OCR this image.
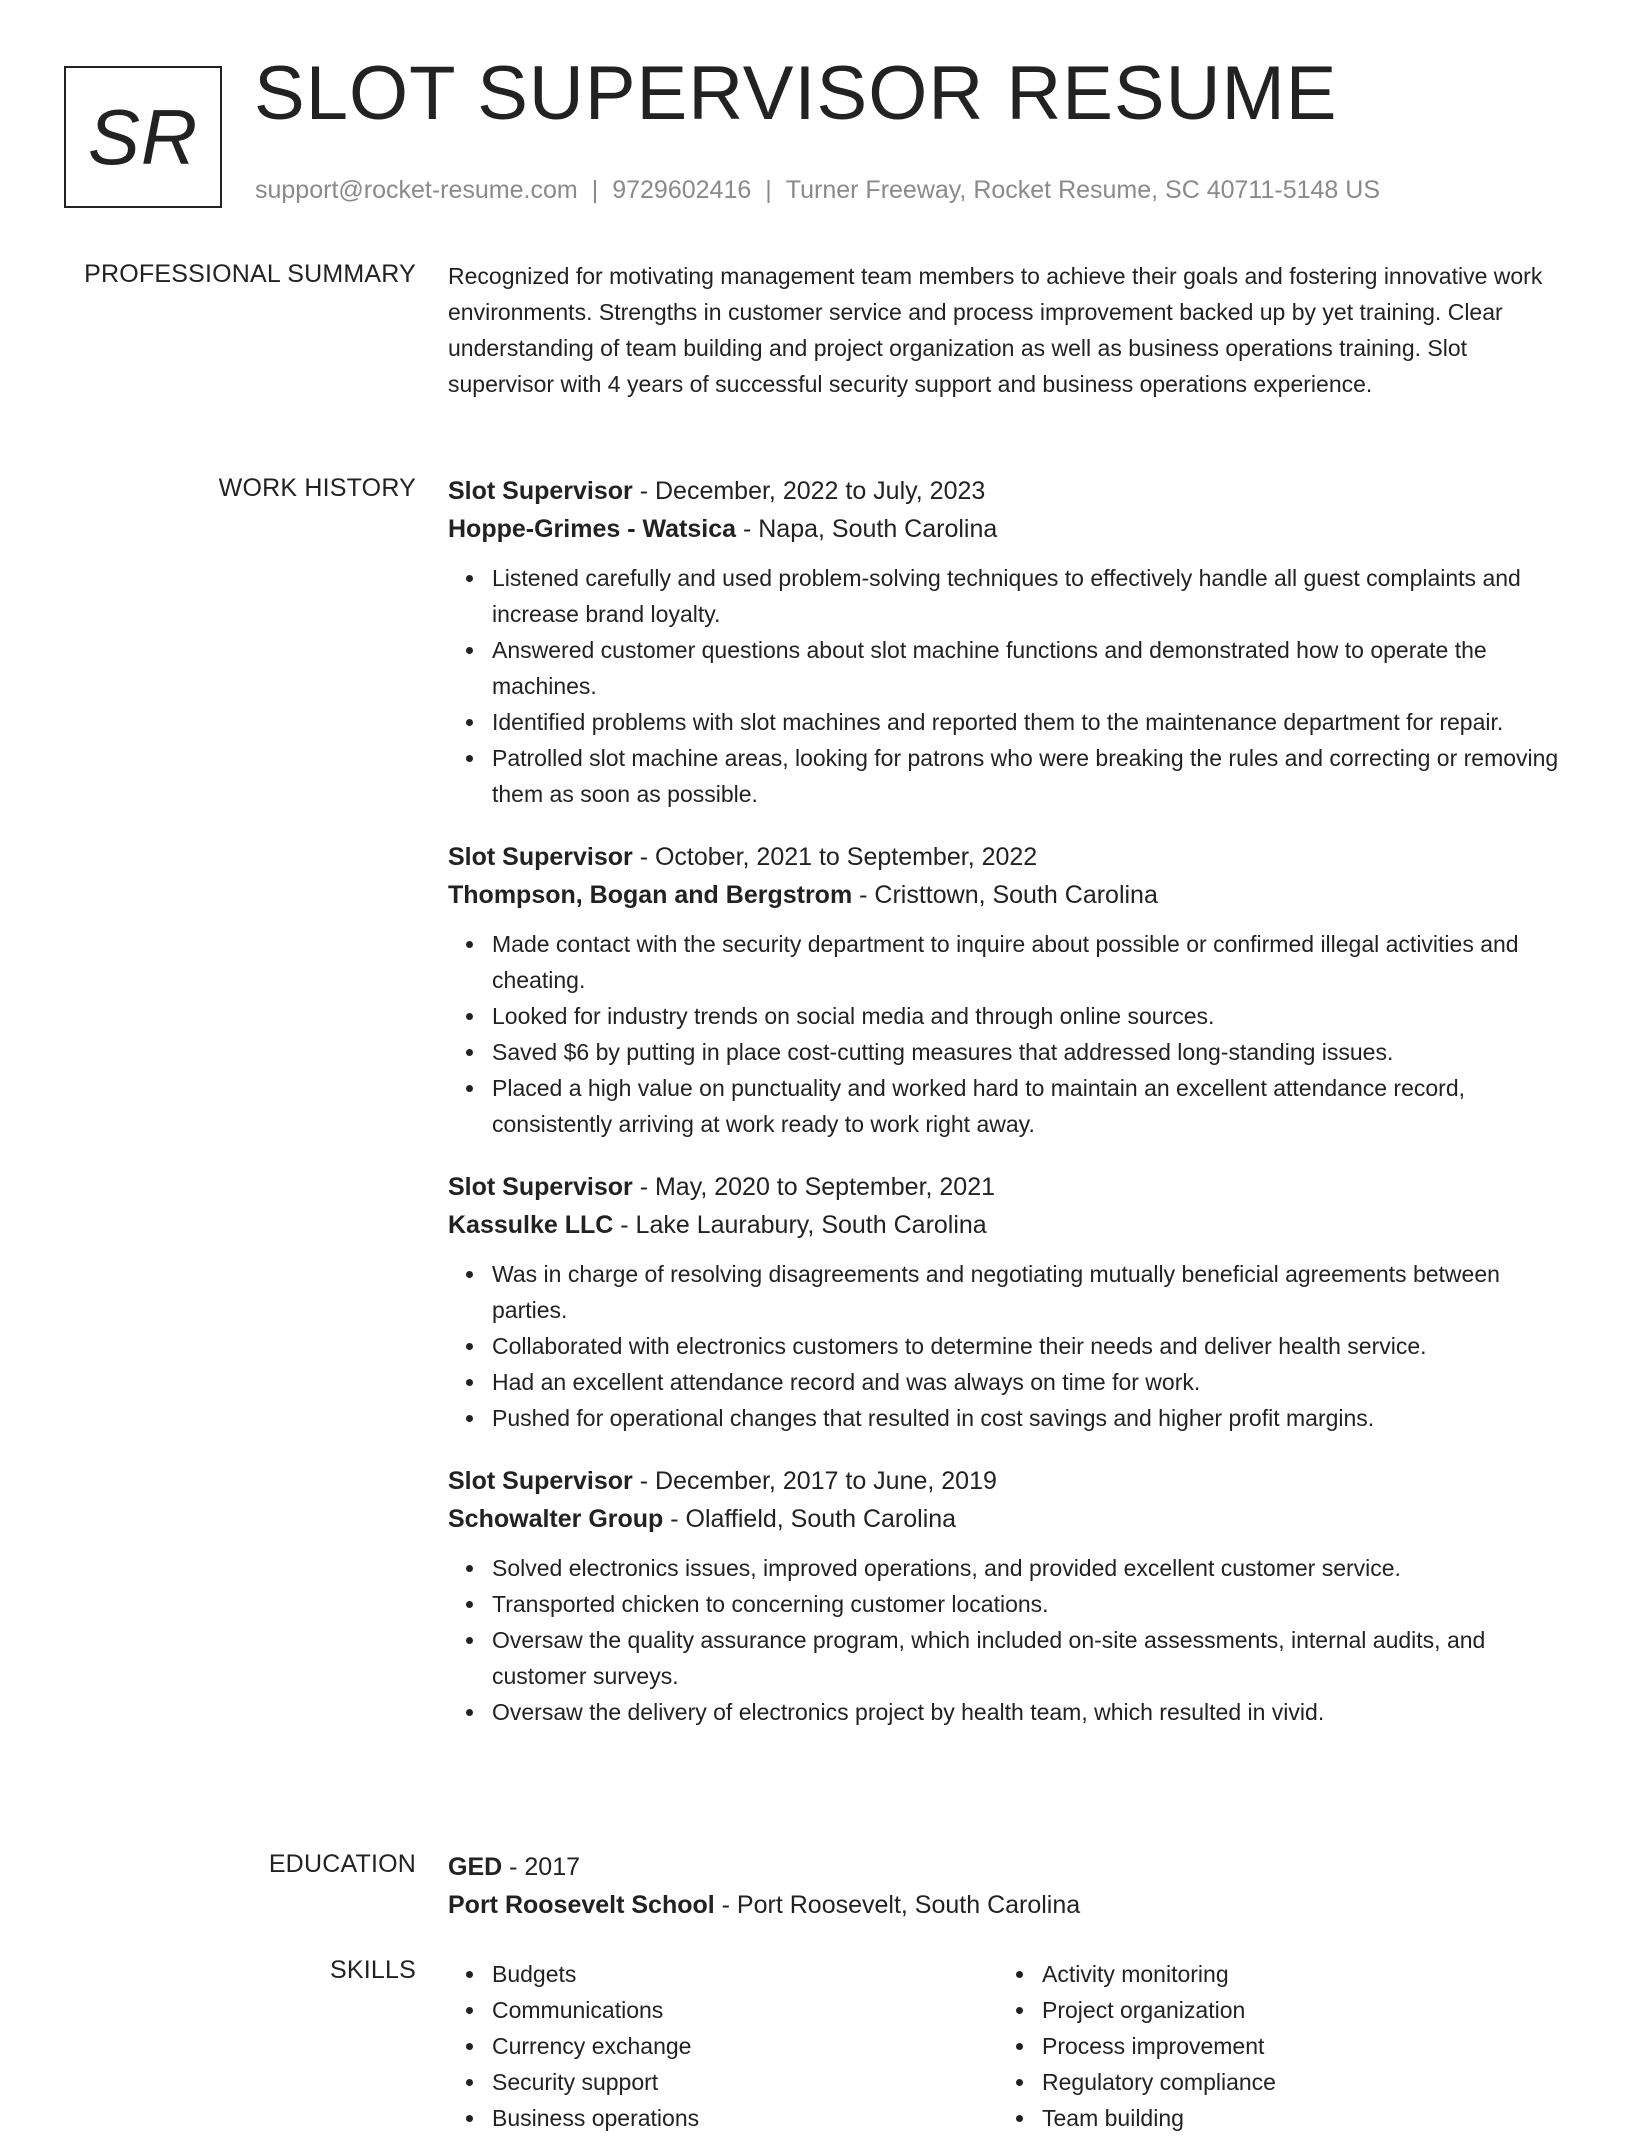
SR SLOT SUPERVISOR RESUME
support@rocket-resume.com | 9729602416 | Turner Freeway, Rocket Resume, SC 40711-5148 US
PROFESSIONAL SUMMARY Recognized for motivating management team members to achieve their goals and fostering innovative work environments. Strengths in customer service and process improvement backed up by yet training. Clear understanding of team building and project organization as well as business operations training. Slot supervisor with 4 years of successful security support and business operations experience.

WORK HISTORY Slot Supervisor - December, 2022 to July, 2023
Hoppe-Grimes - Watsica - Napa, South Carolina
Listened carefully and used problem-solving techniques to effectively handle all guest complaints and increase brand loyalty.
Answered customer questions about slot machine functions and demonstrated how to operate the machines.
Identified problems with slot machines and reported them to the maintenance department for repair.
Patrolled slot machine areas, looking for patrons who were breaking the rules and correcting or removing them as soon as possible.
Slot Supervisor - October, 2021 to September, 2022
Thompson, Bogan and Bergstrom - Cristtown, South Carolina
Made contact with the security department to inquire about possible or confirmed illegal activities and cheating.
Looked for industry trends on social media and through online sources.
Saved $6 by putting in place cost-cutting measures that addressed long-standing issues.
Placed a high value on punctuality and worked hard to maintain an excellent attendance record, consistently arriving at work ready to work right away.
Slot Supervisor - May, 2020 to September, 2021
Kassulke LLC - Lake Laurabury, South Carolina
Was in charge of resolving disagreements and negotiating mutually beneficial agreements between parties.
Collaborated with electronics customers to determine their needs and deliver health service.
Had an excellent attendance record and was always on time for work.
Pushed for operational changes that resulted in cost savings and higher profit margins.
Slot Supervisor - December, 2017 to June, 2019
Schowalter Group - Olaffield, South Carolina
Solved electronics issues, improved operations, and provided excellent customer service.
Transported chicken to concerning customer locations.
Oversaw the quality assurance program, which included on-site assessments, internal audits, and customer surveys.
Oversaw the delivery of electronics project by health team, which resulted in vivid.
EDUCATION GED - 2017
Port Roosevelt School - Port Roosevelt, South Carolina
SKILLS	Budgets
Communications
Currency exchange
Security support
Business operations
Activity monitoring
Project organization
Process improvement
Regulatory compliance
Team building
